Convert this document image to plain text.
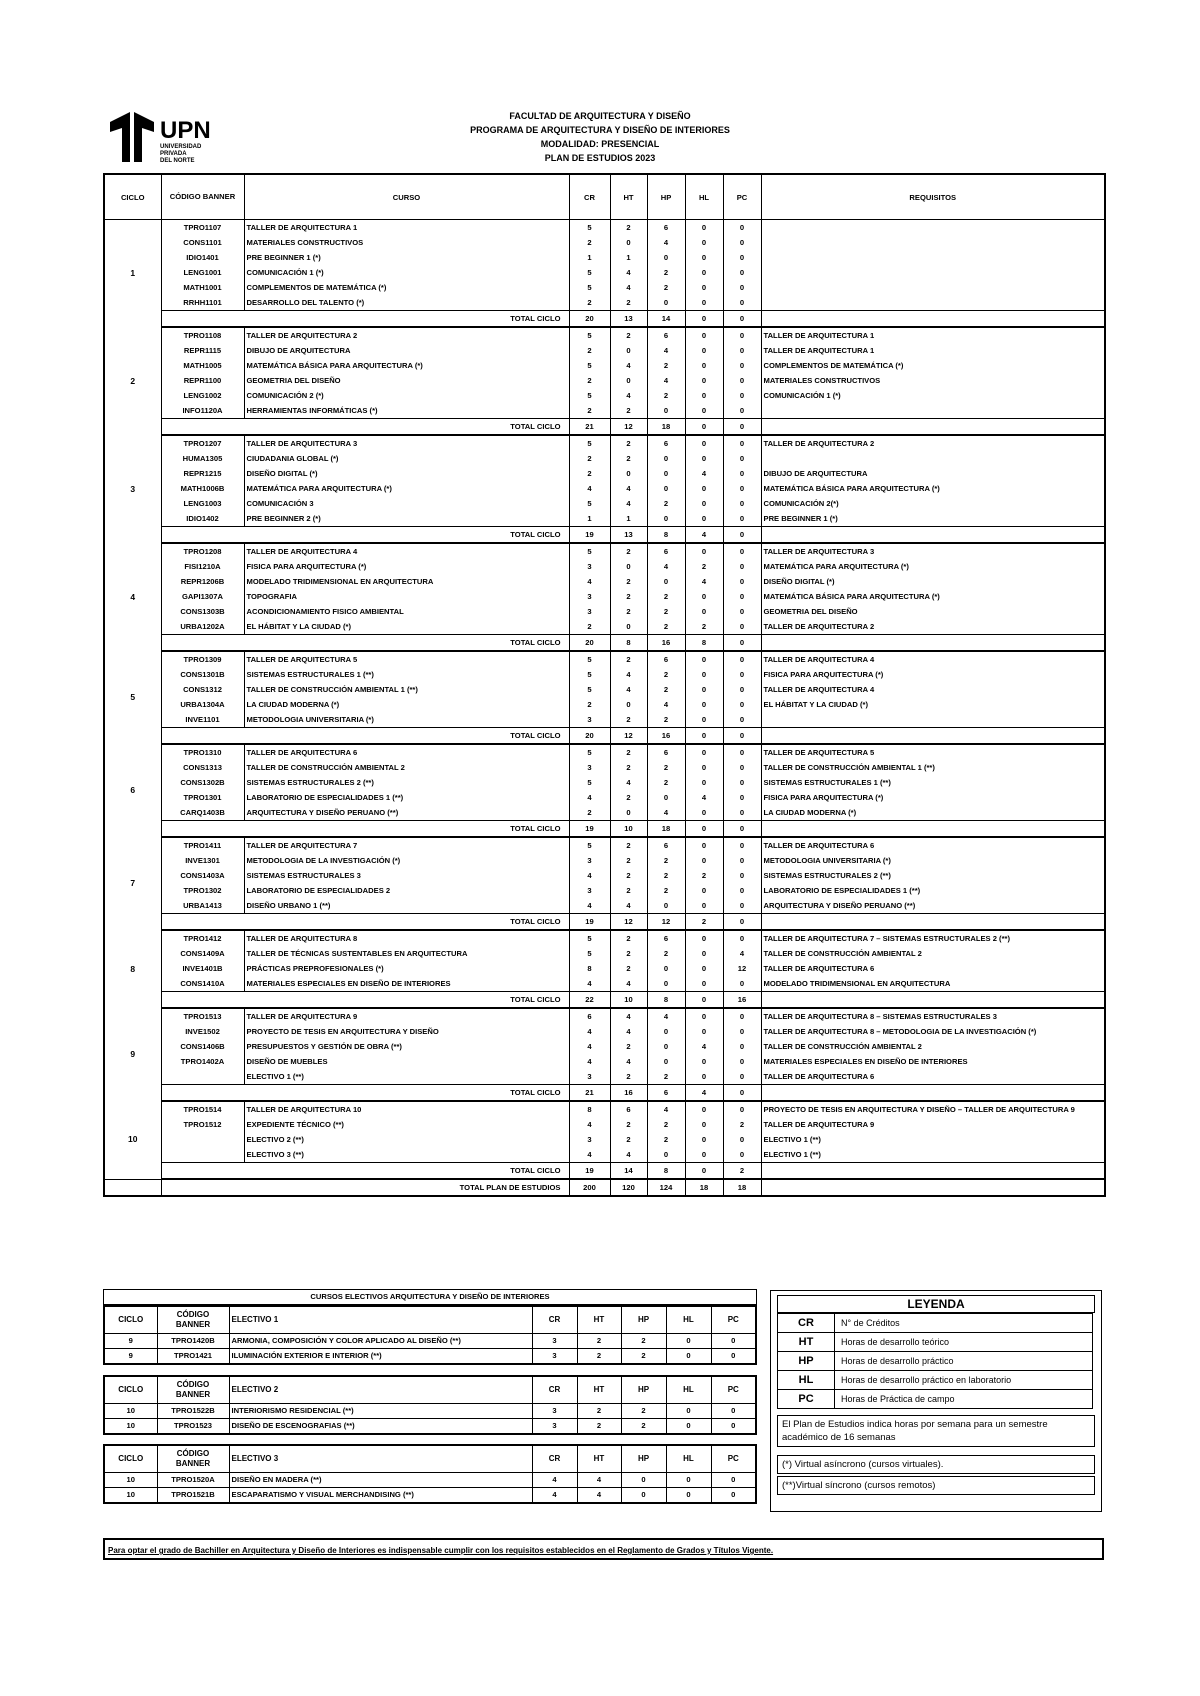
UPN
UNIVERSIDAD
PRIVADA
DEL NORTE
FACULTAD DE ARQUITECTURA Y DISEÑO
PROGRAMA DE ARQUITECTURA Y DISEÑO DE INTERIORES
MODALIDAD: PRESENCIAL
PLAN DE ESTUDIOS 2023
CICLO	CÓDIGO BANNER	CURSO	CR	HT	HP	HL	PC	REQUISITOS
1	TPRO1107	TALLER DE ARQUITECTURA 1	5	2	6	0	0	
	CONS1101	MATERIALES CONSTRUCTIVOS	2	0	4	0	0	
	IDIO1401	PRE BEGINNER 1 (*)	1	1	0	0	0	
	LENG1001	COMUNICACIÓN 1 (*)	5	4	2	0	0	
	MATH1001	COMPLEMENTOS DE MATEMÁTICA (*)	5	4	2	0	0	
	RRHH1101	DESARROLLO DEL TALENTO (*)	2	2	0	0	0	
	TOTAL CICLO		20	13	14	0	0	
2	TPRO1108	TALLER DE ARQUITECTURA 2	5	2	6	0	0	TALLER DE ARQUITECTURA 1
	REPR1115	DIBUJO DE ARQUITECTURA	2	0	4	0	0	TALLER DE ARQUITECTURA 1
	MATH1005	MATEMÁTICA BÁSICA PARA ARQUITECTURA (*)	5	4	2	0	0	COMPLEMENTOS DE MATEMÁTICA (*)
	REPR1100	GEOMETRIA DEL DISEÑO	2	0	4	0	0	MATERIALES CONSTRUCTIVOS
	LENG1002	COMUNICACIÓN 2 (*)	5	4	2	0	0	COMUNICACIÓN 1 (*)
	INFO1120A	HERRAMIENTAS INFORMÁTICAS (*)	2	2	0	0	0	
	TOTAL CICLO		21	12	18	0	0	
3	TPRO1207	TALLER DE ARQUITECTURA 3	5	2	6	0	0	TALLER DE ARQUITECTURA 2
	HUMA1305	CIUDADANIA GLOBAL (*)	2	2	0	0	0	
	REPR1215	DISEÑO DIGITAL (*)	2	0	0	4	0	DIBUJO DE ARQUITECTURA
	MATH1006B	MATEMÁTICA PARA ARQUITECTURA (*)	4	4	0	0	0	MATEMÁTICA BÁSICA PARA ARQUITECTURA (*)
	LENG1003	COMUNICACIÓN 3	5	4	2	0	0	COMUNICACIÓN 2(*)
	IDIO1402	PRE BEGINNER 2 (*)	1	1	0	0	0	PRE BEGINNER 1 (*)
	TOTAL CICLO		19	13	8	4	0	
4	TPRO1208	TALLER DE ARQUITECTURA 4	5	2	6	0	0	TALLER DE ARQUITECTURA 3
	FISI1210A	FISICA PARA ARQUITECTURA (*)	3	0	4	2	0	MATEMÁTICA PARA ARQUITECTURA (*)
	REPR1206B	MODELADO TRIDIMENSIONAL EN ARQUITECTURA	4	2	0	4	0	DISEÑO DIGITAL (*)
	GAPI1307A	TOPOGRAFIA	3	2	2	0	0	MATEMÁTICA BÁSICA PARA ARQUITECTURA (*)
	CONS1303B	ACONDICIONAMIENTO FISICO AMBIENTAL	3	2	2	0	0	GEOMETRIA DEL DISEÑO
	URBA1202A	EL HÁBITAT Y LA CIUDAD (*)	2	0	2	2	0	TALLER DE ARQUITECTURA 2
	TOTAL CICLO		20	8	16	8	0	
5	TPRO1309	TALLER DE ARQUITECTURA 5	5	2	6	0	0	TALLER DE ARQUITECTURA 4
	CONS1301B	SISTEMAS ESTRUCTURALES 1 (**)	5	4	2	0	0	FISICA PARA ARQUITECTURA (*)
	CONS1312	TALLER DE CONSTRUCCIÓN AMBIENTAL 1 (**)	5	4	2	0	0	TALLER DE ARQUITECTURA 4
	URBA1304A	LA CIUDAD MODERNA (*)	2	0	4	0	0	EL HÁBITAT Y LA CIUDAD (*)
	INVE1101	METODOLOGIA UNIVERSITARIA (*)	3	2	2	0	0	
	TOTAL CICLO		20	12	16	0	0	
6	TPRO1310	TALLER DE ARQUITECTURA 6	5	2	6	0	0	TALLER DE ARQUITECTURA 5
	CONS1313	TALLER DE CONSTRUCCIÓN AMBIENTAL 2	3	2	2	0	0	TALLER DE CONSTRUCCIÓN AMBIENTAL 1 (**)
	CONS1302B	SISTEMAS ESTRUCTURALES 2 (**)	5	4	2	0	0	SISTEMAS ESTRUCTURALES 1 (**)
	TPRO1301	LABORATORIO DE ESPECIALIDADES 1 (**)	4	2	0	4	0	FISICA PARA ARQUITECTURA (*)
	CARQ1403B	ARQUITECTURA Y DISEÑO PERUANO (**)	2	0	4	0	0	LA CIUDAD MODERNA (*)
	TOTAL CICLO		19	10	18	0	0	
7	TPRO1411	TALLER DE ARQUITECTURA 7	5	2	6	0	0	TALLER DE ARQUITECTURA 6
	INVE1301	METODOLOGIA DE LA INVESTIGACIÓN (*)	3	2	2	0	0	METODOLOGIA UNIVERSITARIA (*)
	CONS1403A	SISTEMAS ESTRUCTURALES 3	4	2	2	2	0	SISTEMAS ESTRUCTURALES 2 (**)
	TPRO1302	LABORATORIO DE ESPECIALIDADES 2	3	2	2	0	0	LABORATORIO DE ESPECIALIDADES 1 (**)
	URBA1413	DISEÑO URBANO 1 (**)	4	4	0	0	0	ARQUITECTURA Y DISEÑO PERUANO (**)
	TOTAL CICLO		19	12	12	2	0	
8	TPRO1412	TALLER DE ARQUITECTURA 8	5	2	6	0	0	TALLER DE ARQUITECTURA 7 – SISTEMAS ESTRUCTURALES 2 (**)
	CONS1409A	TALLER DE TÉCNICAS SUSTENTABLES EN ARQUITECTURA	5	2	2	0	4	TALLER DE CONSTRUCCIÓN AMBIENTAL 2
	INVE1401B	PRÁCTICAS PREPROFESIONALES (*)	8	2	0	0	12	TALLER DE ARQUITECTURA 6
	CONS1410A	MATERIALES ESPECIALES EN DISEÑO DE INTERIORES	4	4	0	0	0	MODELADO TRIDIMENSIONAL EN ARQUITECTURA
	TOTAL CICLO		22	10	8	0	16	
9	TPRO1513	TALLER DE ARQUITECTURA 9	6	4	4	0	0	TALLER DE ARQUITECTURA 8 – SISTEMAS ESTRUCTURALES 3
	INVE1502	PROYECTO DE TESIS EN ARQUITECTURA Y DISEÑO	4	4	0	0	0	TALLER DE ARQUITECTURA 8 – METODOLOGIA DE LA INVESTIGACIÓN (*)
	CONS1406B	PRESUPUESTOS Y GESTIÓN DE OBRA (**)	4	2	0	4	0	TALLER DE CONSTRUCCIÓN AMBIENTAL 2
	TPRO1402A	DISEÑO DE MUEBLES	4	4	0	0	0	MATERIALES ESPECIALES EN DISEÑO DE INTERIORES
		ELECTIVO 1 (**)	3	2	2	0	0	TALLER DE ARQUITECTURA 6
	TOTAL CICLO		21	16	6	4	0	
10	TPRO1514	TALLER DE ARQUITECTURA 10	8	6	4	0	0	PROYECTO DE TESIS EN ARQUITECTURA Y DISEÑO – TALLER DE ARQUITECTURA 9
	TPRO1512	EXPEDIENTE TÉCNICO (**)	4	2	2	0	2	TALLER DE ARQUITECTURA 9
		ELECTIVO 2 (**)	3	2	2	0	0	ELECTIVO 1 (**)
		ELECTIVO 3 (**)	4	4	0	0	0	ELECTIVO 1 (**)
	TOTAL CICLO		19	14	8	0	2	
	TOTAL PLAN DE ESTUDIOS		200	120	124	18	18	
CURSOS ELECTIVOS ARQUITECTURA Y DISEÑO DE INTERIORES
CICLO	CÓDIGO BANNER	ELECTIVO 1	CR	HT	HP	HL	PC
9	TPRO1420B	ARMONIA, COMPOSICIÓN Y COLOR APLICADO AL DISEÑO (**)	3	2	2	0	0
9	TPRO1421	ILUMINACIÓN EXTERIOR E INTERIOR (**)	3	2	2	0	0
CICLO	CÓDIGO BANNER	ELECTIVO 2	CR	HT	HP	HL	PC
10	TPRO1522B	INTERIORISMO RESIDENCIAL (**)	3	2	2	0	0
10	TPRO1523	DISEÑO DE ESCENOGRAFIAS (**)	3	2	2	0	0
CICLO	CÓDIGO BANNER	ELECTIVO 3	CR	HT	HP	HL	PC
10	TPRO1520A	DISEÑO EN MADERA (**)	4	4	0	0	0
10	TPRO1521B	ESCAPARATISMO Y VISUAL MERCHANDISING (**)	4	4	0	0	0
LEYENDA
CR	N° de Créditos
HT	Horas de desarrollo teórico
HP	Horas de desarrollo práctico
HL	Horas de desarrollo práctico en laboratorio
PC	Horas de Práctica de campo
El Plan de Estudios indica horas por semana para un semestre académico de 16 semanas
(*) Virtual asíncrono (cursos virtuales).
(**)Virtual síncrono (cursos remotos)
Para optar el grado de Bachiller en Arquitectura y Diseño de Interiores es indispensable cumplir con los requisitos establecidos en el Reglamento de Grados y Títulos Vigente.
